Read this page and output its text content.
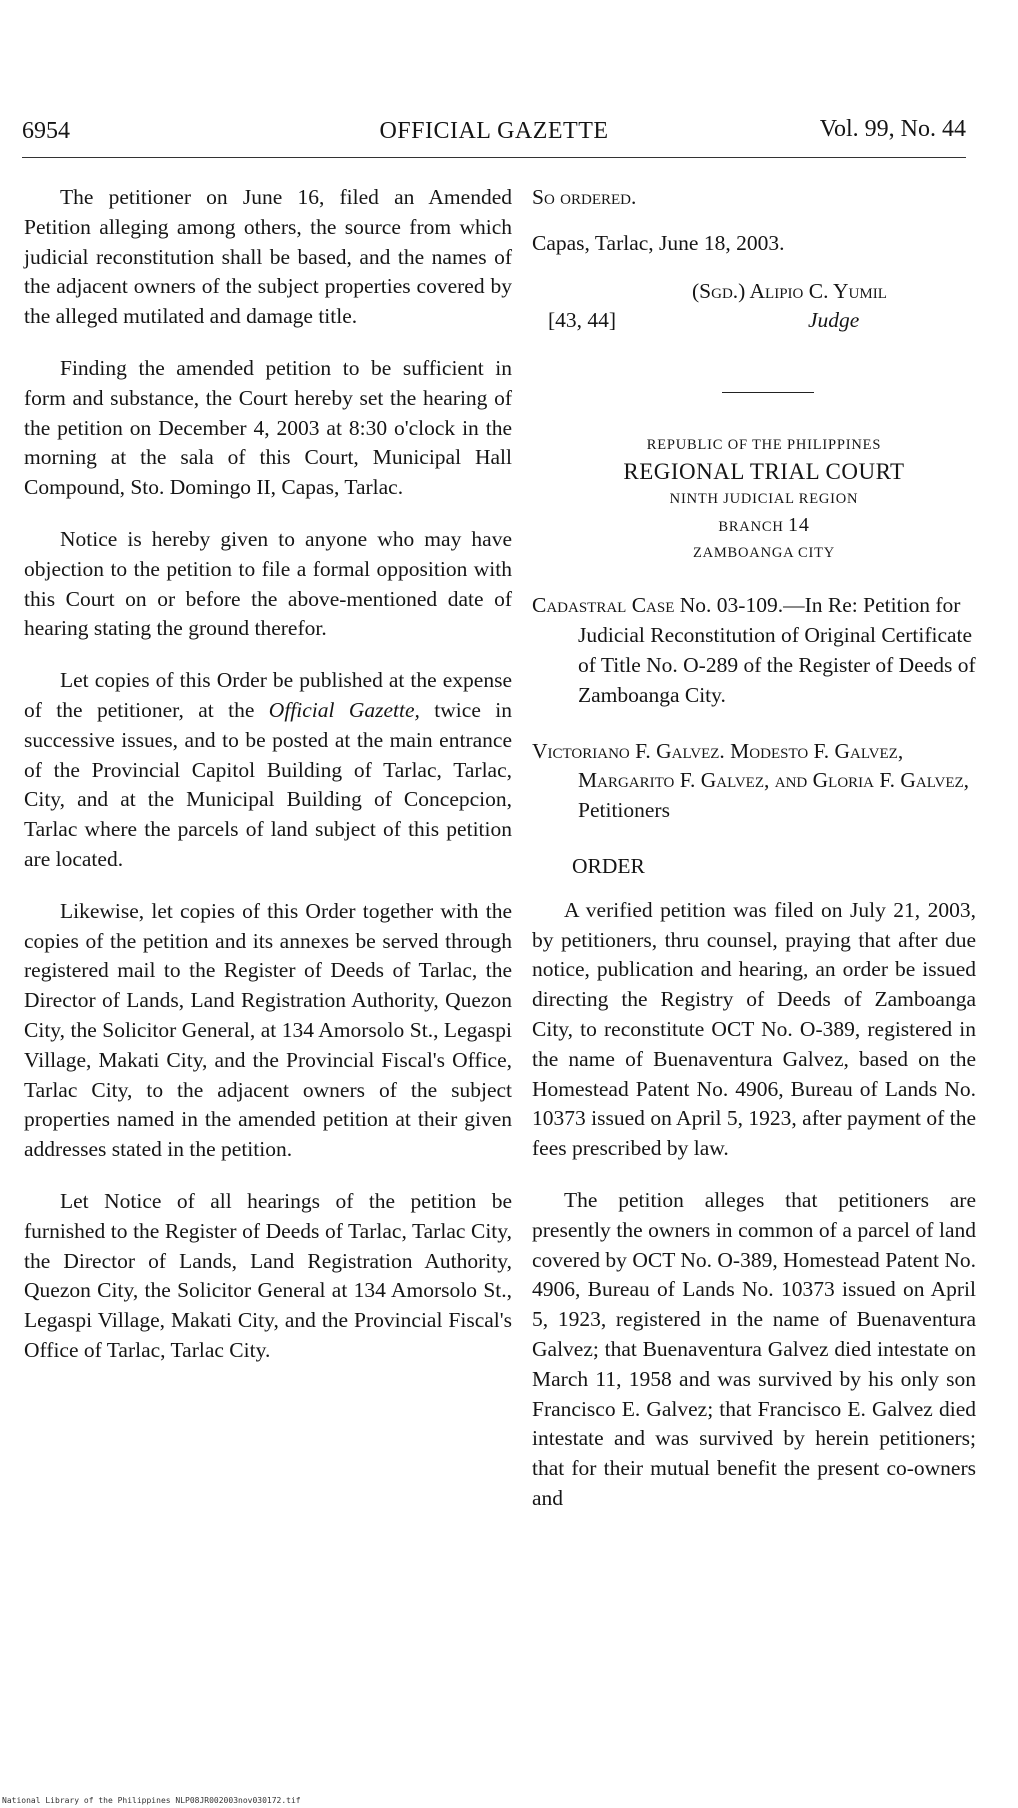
6954	OFFICIAL GAZETTE	Vol. 99, No. 44

The petitioner on June 16, filed an Amended Petition alleging among others, the source from which judicial reconstitution shall be based, and the names of the adjacent owners of the subject properties covered by the alleged mutilated and damage title.

Finding the amended petition to be sufficient in form and substance, the Court hereby set the hearing of the petition on December 4, 2003 at 8:30 o'clock in the morning at the sala of this Court, Municipal Hall Compound, Sto. Domingo II, Capas, Tarlac.

Notice is hereby given to anyone who may have objection to the petition to file a formal opposition with this Court on or before the above-mentioned date of hearing stating the ground therefor.

Let copies of this Order be published at the expense of the petitioner, at the Official Gazette, twice in successive issues, and to be posted at the main entrance of the Provincial Capitol Building of Tarlac, Tarlac, City, and at the Municipal Building of Concepcion, Tarlac where the parcels of land subject of this petition are located.

Likewise, let copies of this Order together with the copies of the petition and its annexes be served through registered mail to the Register of Deeds of Tarlac, the Director of Lands, Land Registration Authority, Quezon City, the Solicitor General, at 134 Amorsolo St., Legaspi Village, Makati City, and the Provincial Fiscal's Office, Tarlac City, to the adjacent owners of the subject properties named in the amended petition at their given addresses stated in the petition.

Let Notice of all hearings of the petition be furnished to the Register of Deeds of Tarlac, Tarlac City, the Director of Lands, Land Registration Authority, Quezon City, the Solicitor General at 134 Amorsolo St., Legaspi Village, Makati City, and the Provincial Fiscal's Office of Tarlac, Tarlac City.

So ordered.

Capas, Tarlac, June 18, 2003.

(Sgd.) Alipio C. Yumil
[43, 44]	Judge
REPUBLIC OF THE PHILIPPINES
REGIONAL TRIAL COURT
NINTH JUDICIAL REGION
BRANCH 14
ZAMBOANGA CITY

Cadastral Case No. 03-109.—In Re: Petition for Judicial Reconstitution of Original Certificate of Title No. O-289 of the Register of Deeds of Zamboanga City.

Victoriano F. Galvez. Modesto F. Galvez, Margarito F. Galvez, and Gloria F. Galvez, Petitioners

ORDER

A verified petition was filed on July 21, 2003, by petitioners, thru counsel, praying that after due notice, publication and hearing, an order be issued directing the Registry of Deeds of Zamboanga City, to reconstitute OCT No. O-389, registered in the name of Buenaventura Galvez, based on the Homestead Patent No. 4906, Bureau of Lands No. 10373 issued on April 5, 1923, after payment of the fees prescribed by law.

The petition alleges that petitioners are presently the owners in common of a parcel of land covered by OCT No. O-389, Homestead Patent No. 4906, Bureau of Lands No. 10373 issued on April 5, 1923, registered in the name of Buenaventura Galvez; that Buenaventura Galvez died intestate on March 11, 1958 and was survived by his only son Francisco E. Galvez; that Francisco E. Galvez died intestate and was survived by herein petitioners; that for their mutual benefit the present co-owners and

National Library of the Philippines NLP08JR002003nov030172.tif
